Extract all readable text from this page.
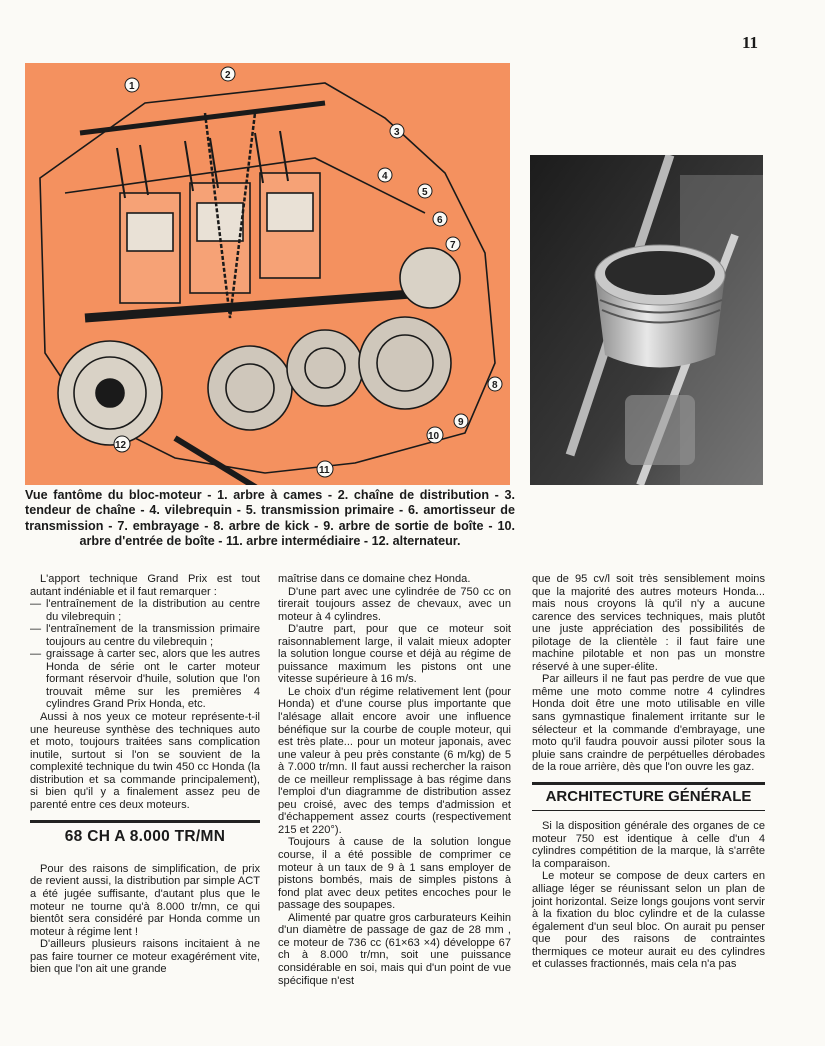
11
1
2
3
4
5
6
7
8
9
10
11
12

Vue fantôme du bloc-moteur - 1. arbre à cames - 2. chaîne de distribution - 3. tendeur de chaîne - 4. vilebrequin - 5. transmission primaire - 6. amortisseur de transmission - 7. embrayage - 8. arbre de kick - 9. arbre de sortie de boîte - 10. arbre d'entrée de boîte - 11. arbre intermédiaire - 12. alternateur.

L'apport technique Grand Prix est tout autant indéniable et il faut remarquer :

— l'entraînement de la distribution au centre du vilebrequin ;
— l'entraînement de la transmission primaire toujours au centre du vilebrequin ;
— graissage à carter sec, alors que les autres Honda de série ont le carter moteur formant réservoir d'huile, solution que l'on trouvait même sur les premières 4 cylindres Grand Prix Honda, etc.

Aussi à nos yeux ce moteur représente-t-il une heureuse synthèse des techniques auto et moto, toujours traitées sans complication inutile, surtout si l'on se souvient de la complexité technique du twin 450 cc Honda (la distribution et sa commande principalement), si bien qu'il y a finalement assez peu de parenté entre ces deux moteurs.

68 CH A 8.000 TR/MN

Pour des raisons de simplification, de prix de revient aussi, la distribution par simple ACT a été jugée suffisante, d'autant plus que le moteur ne tourne qu'à 8.000 tr/mn, ce qui bientôt sera considéré par Honda comme un moteur à régime lent !

D'ailleurs plusieurs raisons incitaient à ne pas faire tourner ce moteur exagérément vite, bien que l'on ait une grande

maîtrise dans ce domaine chez Honda.

D'une part avec une cylindrée de 750 cc on tirerait toujours assez de chevaux, avec un moteur à 4 cylindres.

D'autre part, pour que ce moteur soit raisonnablement large, il valait mieux adopter la solution longue course et déjà au régime de puissance maximum les pistons ont une vitesse supérieure à 16 m/s.

Le choix d'un régime relativement lent (pour Honda) et d'une course plus importante que l'alésage allait encore avoir une influence bénéfique sur la courbe de couple moteur, qui est très plate... pour un moteur japonais, avec une valeur à peu près constante (6 m/kg) de 5 à 7.000 tr/mn. Il faut aussi rechercher la raison de ce meilleur remplissage à bas régime dans l'emploi d'un diagramme de distribution assez peu croisé, avec des temps d'admission et d'échappement assez courts (respectivement 215 et 220°).

Toujours à cause de la solution longue course, il a été possible de comprimer ce moteur à un taux de 9 à 1 sans employer de pistons bombés, mais de simples pistons à fond plat avec deux petites encoches pour le passage des soupapes.

Alimenté par quatre gros carburateurs Keihin d'un diamètre de passage de gaz de 28 mm , ce moteur de 736 cc (61×63 ×4) développe 67 ch à 8.000 tr/mn, soit une puissance considérable en soi, mais qui d'un point de vue spécifique n'est

que de 95 cv/l soit très sensiblement moins que la majorité des autres moteurs Honda... mais nous croyons là qu'il n'y a aucune carence des services techniques, mais plutôt une juste appréciation des possibilités de pilotage de la clientèle : il faut faire une machine pilotable et non pas un monstre réservé à une super-élite.

Par ailleurs il ne faut pas perdre de vue que même une moto comme notre 4 cylindres Honda doit être une moto utilisable en ville sans gymnastique finalement irritante sur le sélecteur et la commande d'embrayage, une moto qu'il faudra pouvoir aussi piloter sous la pluie sans craindre de perpétuelles dérobades de la roue arrière, dès que l'on ouvre les gaz.

ARCHITECTURE GÉNÉRALE

Si la disposition générale des organes de ce moteur 750 est identique à celle d'un 4 cylindres compétition de la marque, là s'arrête la comparaison.

Le moteur se compose de deux carters en alliage léger se réunissant selon un plan de joint horizontal. Seize longs goujons vont servir à la fixation du bloc cylindre et de la culasse également d'un seul bloc. On aurait pu penser que pour des raisons de contraintes thermiques ce moteur aurait eu des cylindres et culasses fractionnés, mais cela n'a pas
